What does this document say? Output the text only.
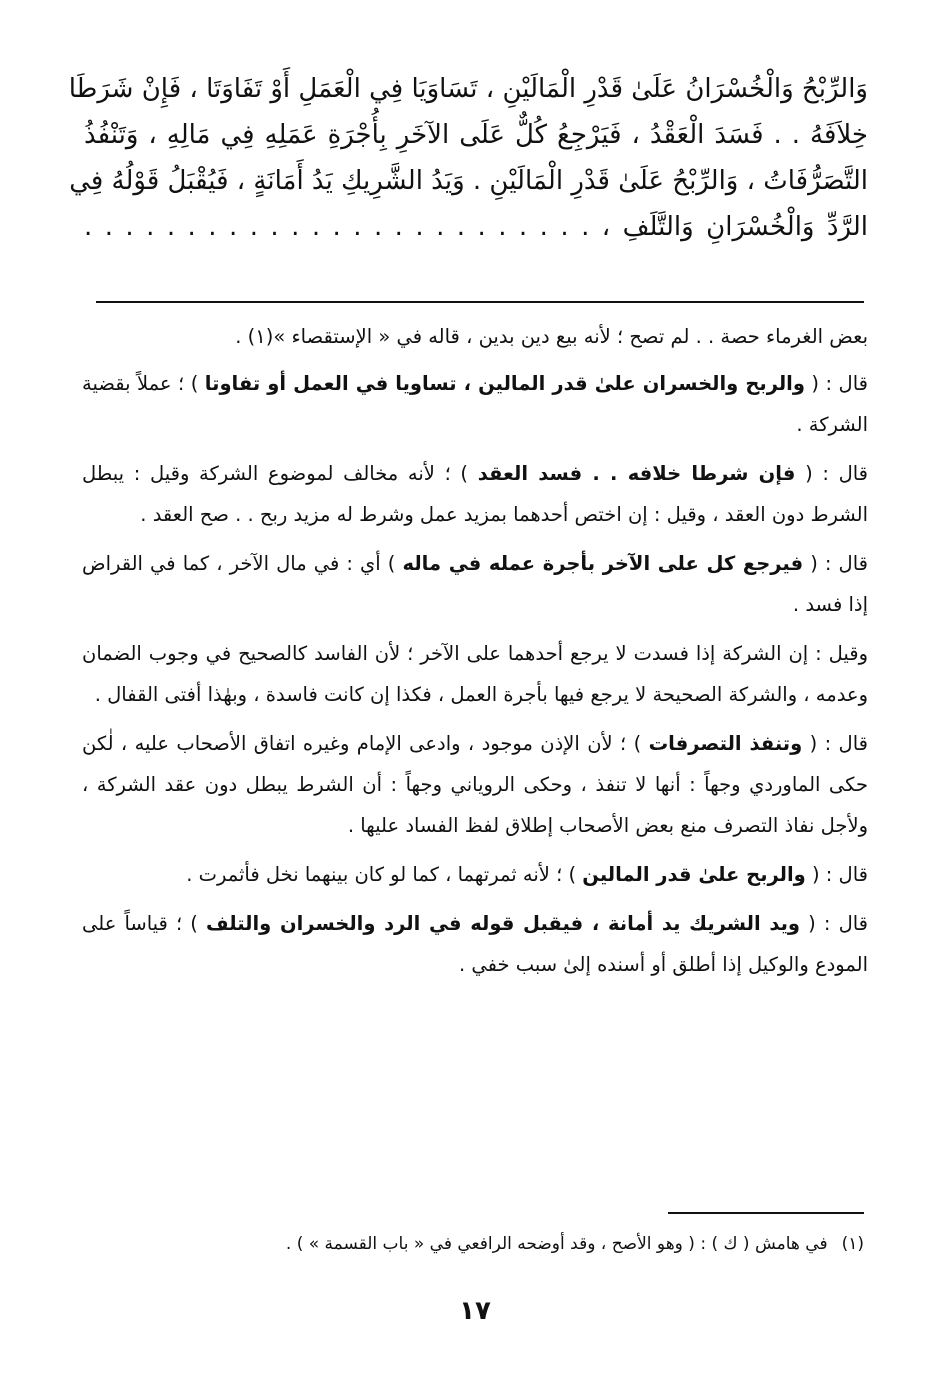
وَالرِّبْحُ وَالْخُسْرَانُ عَلَىٰ قَدْرِ الْمَالَيْنِ ، تَسَاوَيَا فِي الْعَمَلِ أَوْ تَفَاوَتَا ، فَإِنْ شَرَطَا
خِلاَفَهُ . . فَسَدَ الْعَقْدُ ، فَيَرْجِعُ كُلٌّ عَلَى الآخَرِ بِأُجْرَةِ عَمَلِهِ فِي مَالِهِ ، وَتَنْفُذُ
التَّصَرُّفَاتُ ، وَالرِّبْحُ عَلَىٰ قَدْرِ الْمَالَيْنِ . وَيَدُ الشَّرِيكِ يَدُ أَمَانَةٍ ، فَيُقْبَلُ قَوْلُهُ فِي
الرَّدِّ وَالْخُسْرَانِ وَالتَّلَفِ ، . . . . . . . . . . . . . . . . . . . . . . . . .

بعض الغرماء حصة . . لم تصح ؛ لأنه بيع دين بدين ، قاله في « الإستقصاء »(١) .

قال : ( والربح والخسران علىٰ قدر المالين ، تساويا في العمل أو تفاوتا ) ؛ عملاً بقضية الشركة .

قال : ( فإن شرطا خلافه . . فسد العقد ) ؛ لأنه مخالف لموضوع الشركة وقيل : يبطل الشرط دون العقد ، وقيل : إن اختص أحدهما بمزيد عمل وشرط له مزيد ربح . . صح العقد .

قال : ( فيرجع كل على الآخر بأجرة عمله في ماله ) أي : في مال الآخر ، كما في القراض إذا فسد .

وقيل : إن الشركة إذا فسدت لا يرجع أحدهما على الآخر ؛ لأن الفاسد كالصحيح في وجوب الضمان وعدمه ، والشركة الصحيحة لا يرجع فيها بأجرة العمل ، فكذا إن كانت فاسدة ، وبهٰذا أفتى القفال .

قال : ( وتنفذ التصرفات ) ؛ لأن الإذن موجود ، وادعى الإمام وغيره اتفاق الأصحاب عليه ، لٰكن حكى الماوردي وجهاً : أنها لا تنفذ ، وحكى الروياني وجهاً : أن الشرط يبطل دون عقد الشركة ، ولأجل نفاذ التصرف منع بعض الأصحاب إطلاق لفظ الفساد عليها .

قال : ( والربح علىٰ قدر المالين ) ؛ لأنه ثمرتهما ، كما لو كان بينهما نخل فأثمرت .

قال : ( ويد الشريك يد أمانة ، فيقبل قوله في الرد والخسران والتلف ) ؛ قياساً على المودع والوكيل إذا أطلق أو أسنده إلىٰ سبب خفي .

(١)في هامش ( ك ) : ( وهو الأصح ، وقد أوضحه الرافعي في « باب القسمة » ) .
١٧
